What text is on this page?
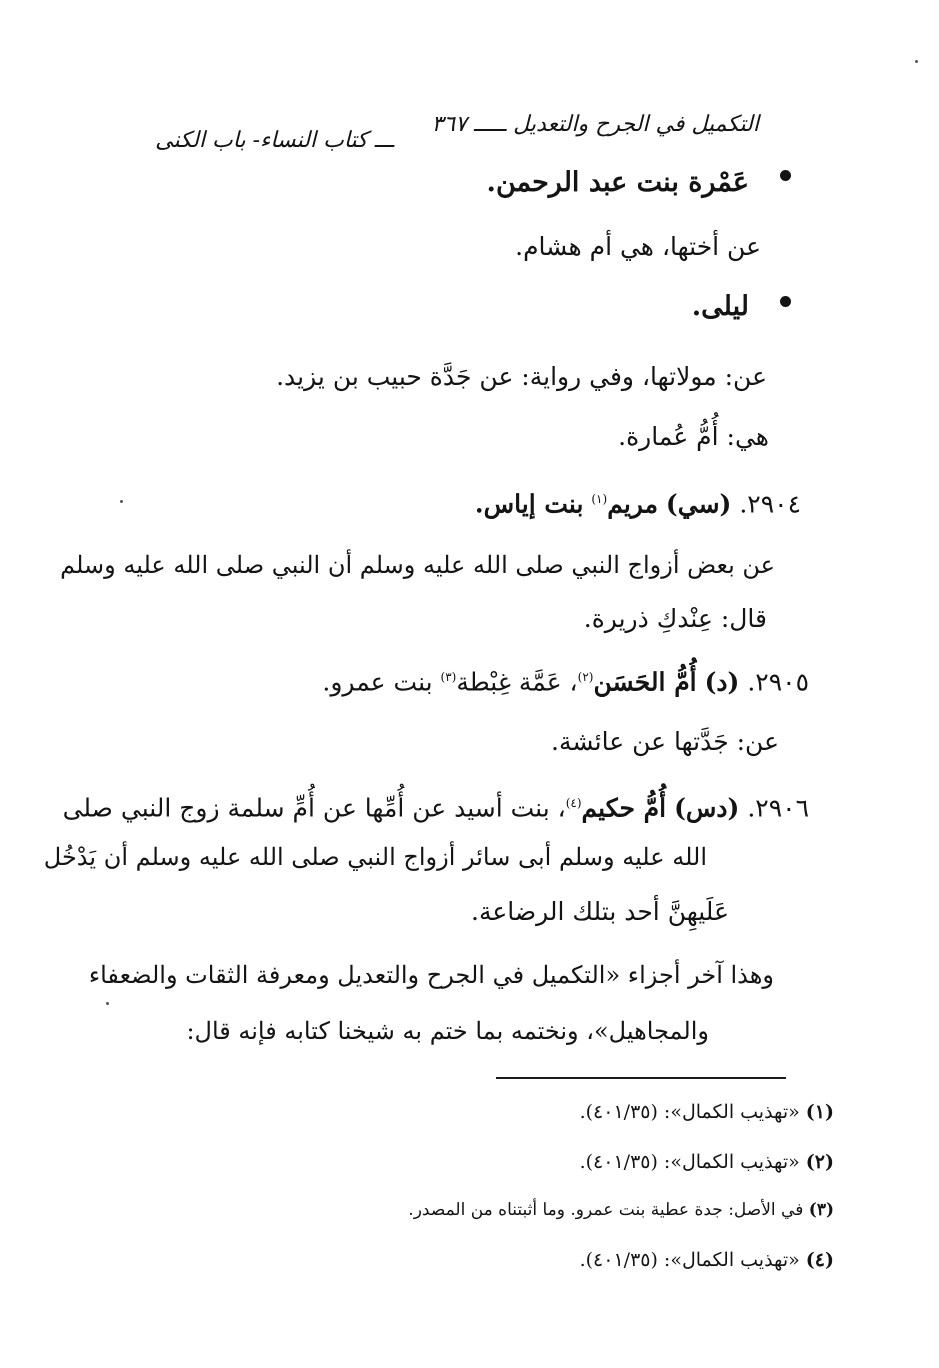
التكميل في الجرح والتعديل ـــــ ٣٦٧
ـــ كتاب النساء- باب الكنى
عَمْرة بنت عبد الرحمن.
عن أختها، هي أم هشام.
ليلى.
عن: مولاتها، وفي رواية: عن جَدَّة حبيب بن يزيد.
هي: أُمُّ عُمارة.
٢٩٠٤. (سي) مريم$^{(١)}$ بنت إياس.
عن بعض أزواج النبي صلى الله عليه وسلم أن النبي صلى الله عليه وسلم
قال: عِنْدكِ ذريرة.
٢٩٠٥. (د) أُمُّ الحَسَن$^{(٢)}$، عَمَّة غِبْطة$^{(٣)}$ بنت عمرو.
عن: جَدَّتها عن عائشة.
٢٩٠٦. (دس) أُمُّ حكيم$^{(٤)}$، بنت أسيد عن أُمِّها عن أُمِّ سلمة زوج النبي صلى
الله عليه وسلم أبى سائر أزواج النبي صلى الله عليه وسلم أن يَدْخُل
عَلَيهِنَّ أحد بتلك الرضاعة.
وهذا آخر أجزاء «التكميل في الجرح والتعديل ومعرفة الثقات والضعفاء
والمجاهيل»، ونختمه بما ختم به شيخنا كتابه فإنه قال:
(١) «تهذيب الكمال»: (٤٠١/٣٥).
(٢) «تهذيب الكمال»: (٤٠١/٣٥).
(٣) في الأصل: جدة عطية بنت عمرو. وما أثبتناه من المصدر.
(٤) «تهذيب الكمال»: (٤٠١/٣٥).
